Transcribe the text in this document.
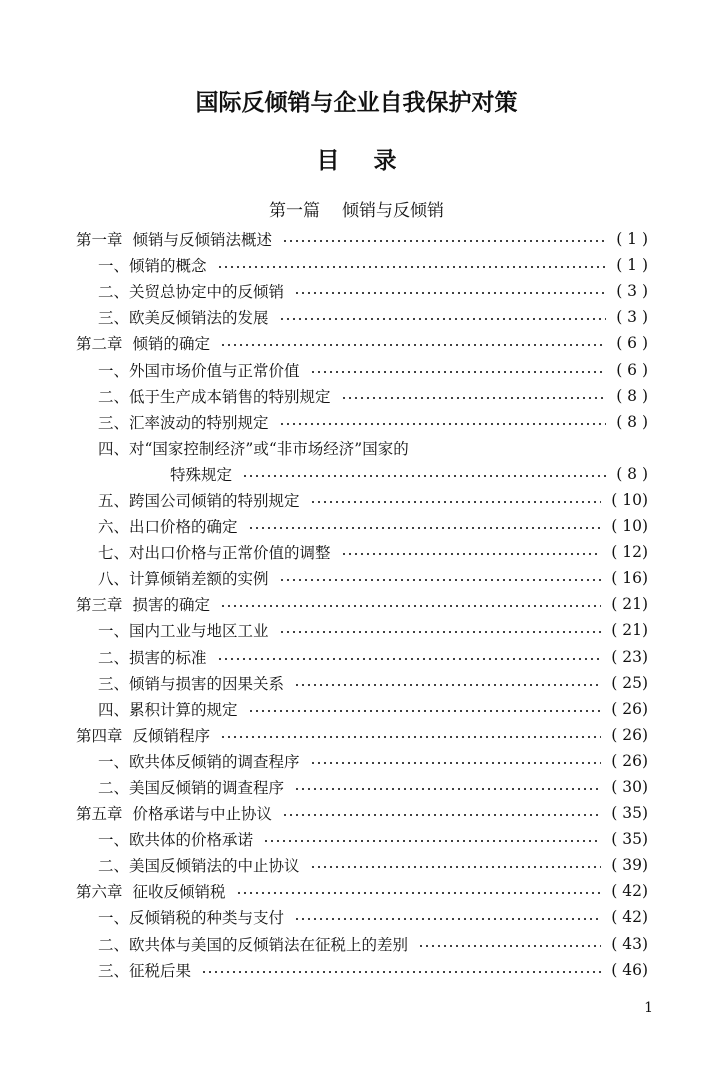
国际反倾销与企业自我保护对策
目录
第一篇 倾销与反倾销
第一章 倾销与反倾销法概述	( 1 )
一、倾销的概念	( 1 )
二、关贸总协定中的反倾销	( 3 )
三、欧美反倾销法的发展	( 3 )
第二章 倾销的确定	( 6 )
一、外国市场价值与正常价值	( 6 )
二、低于生产成本销售的特别规定	( 8 )
三、汇率波动的特别规定	( 8 )
四、对“国家控制经济”或“非市场经济”国家的
特殊规定	( 8 )
五、跨国公司倾销的特别规定	( 10)
六、出口价格的确定	( 10)
七、对出口价格与正常价值的调整	( 12)
八、计算倾销差额的实例	( 16)
第三章 损害的确定	( 21)
一、国内工业与地区工业	( 21)
二、损害的标准	( 23)
三、倾销与损害的因果关系	( 25)
四、累积计算的规定	( 26)
第四章 反倾销程序	( 26)
一、欧共体反倾销的调查程序	( 26)
二、美国反倾销的调查程序	( 30)
第五章 价格承诺与中止协议	( 35)
一、欧共体的价格承诺	( 35)
二、美国反倾销法的中止协议	( 39)
第六章 征收反倾销税	( 42)
一、反倾销税的种类与支付	( 42)
二、欧共体与美国的反倾销法在征税上的差别	( 43)
三、征税后果	( 46)
1
